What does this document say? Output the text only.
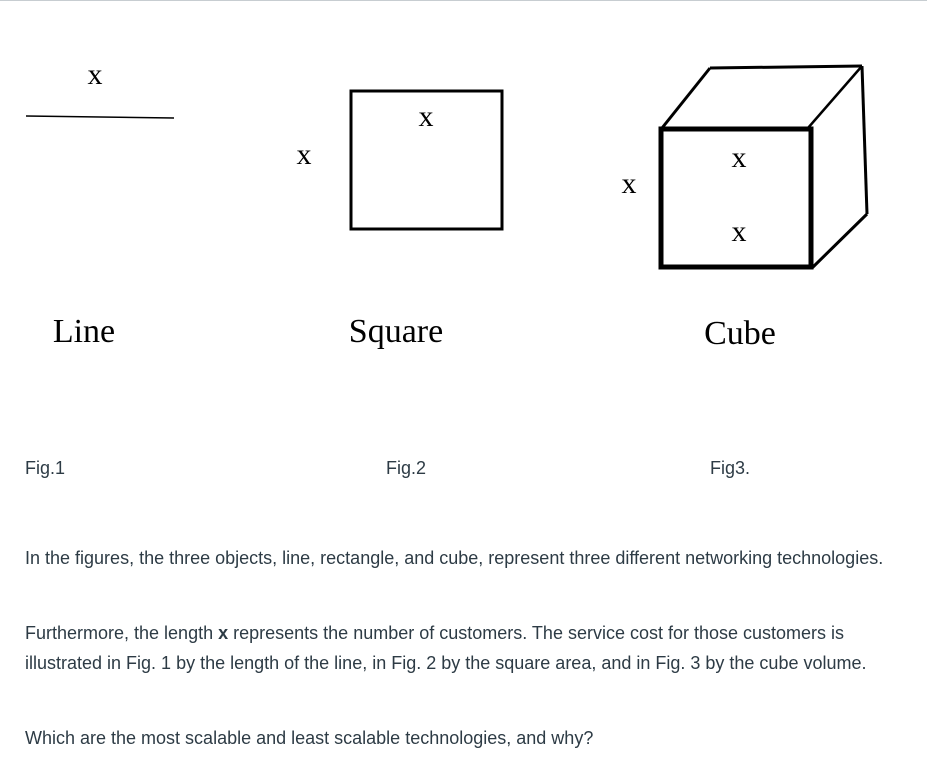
x
Line
x
x
Square
x
x
x
Cube
Fig.1	Fig.2	Fig3.

In the figures, the three objects, line, rectangle, and cube, represent three different networking technologies.

Furthermore, the length x represents the number of customers. The service cost for those customers is illustrated in Fig. 1 by the length of the line, in Fig. 2 by the square area, and in Fig. 3 by the cube volume.

Which are the most scalable and least scalable technologies, and why?
